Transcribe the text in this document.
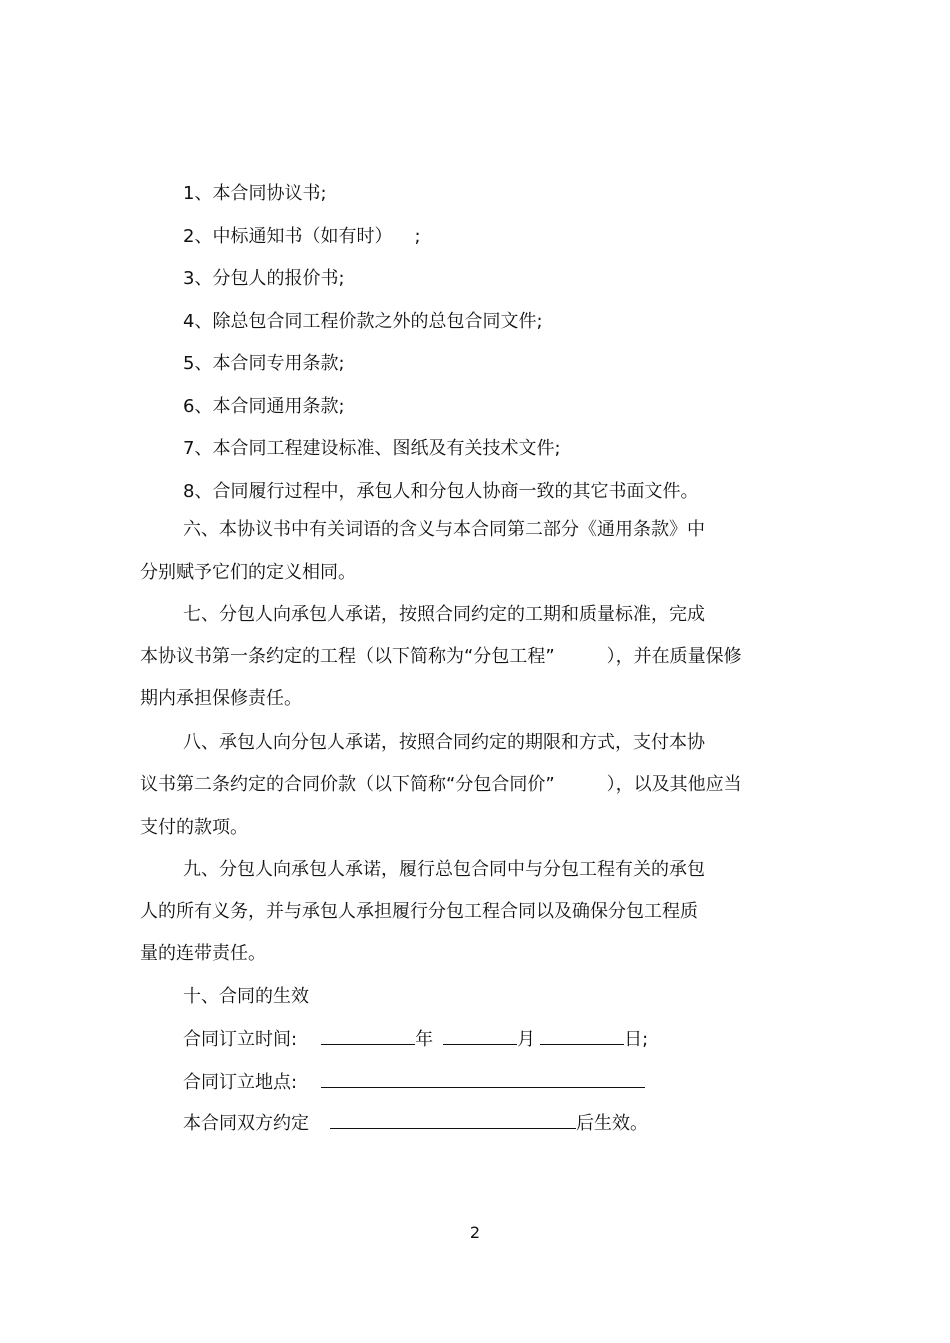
1、本合同协议书;
2、中标通知书（如有时） ;
3、分包人的报价书;
4、除总包合同工程价款之外的总包合同文件;
5、本合同专用条款;
6、本合同通用条款;
7、本合同工程建设标准、图纸及有关技术文件;
8、合同履行过程中，承包人和分包人协商一致的其它书面文件。
六、本协议书中有关词语的含义与本合同第二部分《通用条款》中
分别赋予它们的定义相同。
七、分包人向承包人承诺，按照合同约定的工期和质量标准，完成
本协议书第一条约定的工程（以下简称为“分包工程”	），并在质量保修
期内承担保修责任。
八、承包人向分包人承诺，按照合同约定的期限和方式，支付本协
议书第二条约定的合同价款（以下简称“分包合同价”	），以及其他应当
支付的款项。
九、分包人向承包人承诺，履行总包合同中与分包工程有关的承包
人的所有义务，并与承包人承担履行分包工程合同以及确保分包工程质
量的连带责任。
十、合同的生效
合同订立时间:	年	月	日;
合同订立地点:
本合同双方约定	后生效。
2
